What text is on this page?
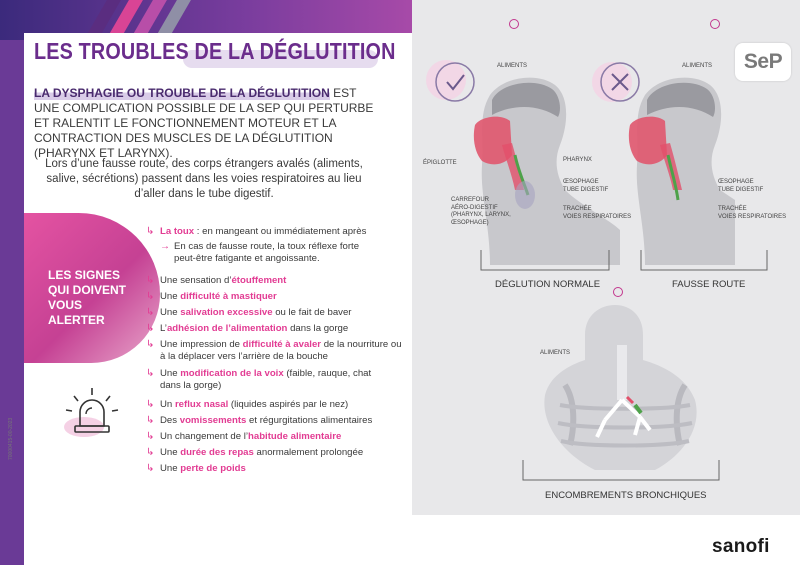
LES TROUBLES DE LA DÉGLUTITION

LA DYSPHAGIE OU TROUBLE DE LA DÉGLUTITION EST UNE COMPLICATION POSSIBLE DE LA SEP QUI PERTURBE ET RALENTIT LE FONCTIONNEMENT MOTEUR ET LA CONTRACTION DES MUSCLES DE LA DÉGLUTITION (PHARYNX ET LARYNX).

Lors d’une fausse route, des corps étrangers avalés (aliments, salive, sécrétions) passent dans les voies respiratoires au lieu d’aller dans le tube digestif.

LES SIGNES
QUI DOIVENT
VOUS
ALERTER
70000415-00-2023
↳ La toux : en mangeant ou immédiatement après
→ En cas de fausse route, la toux réflexe forte peut-être fatigante et angoissante.
↳ Une sensation d’étouffement
↳ Une difficulté à mastiquer
↳ Une salivation excessive ou le fait de baver
↳ L’adhésion de l’alimentation dans la gorge
↳ Une impression de difficulté à avaler de la nourriture ou à la déplacer vers l’arrière de la bouche
↳ Une modification de la voix (faible, rauque, chat dans la gorge)
↳ Un reflux nasal (liquides aspirés par le nez)
↳ Des vomissements et régurgitations alimentaires
↳ Un changement de l’habitude alimentaire
↳ Une durée des repas anormalement prolongée
↳ Une perte de poids
SeP
ALIMENTS
ÉPIGLOTTE	PHARYNX
ŒSOPHAGE
TUBE DIGESTIF
CARREFOUR
AÉRO-DIGESTIF
(PHARYNX, LARYNX,
ŒSOPHAGE)
TRACHÉE
VOIES RESPIRATOIRES
DÉGLUTION NORMALE
ALIMENTS
ŒSOPHAGE
TUBE DIGESTIF
TRACHÉE
VOIES RESPIRATOIRES
FAUSSE ROUTE
ALIMENTS
ENCOMBREMENTS BRONCHIQUES
sanofi
